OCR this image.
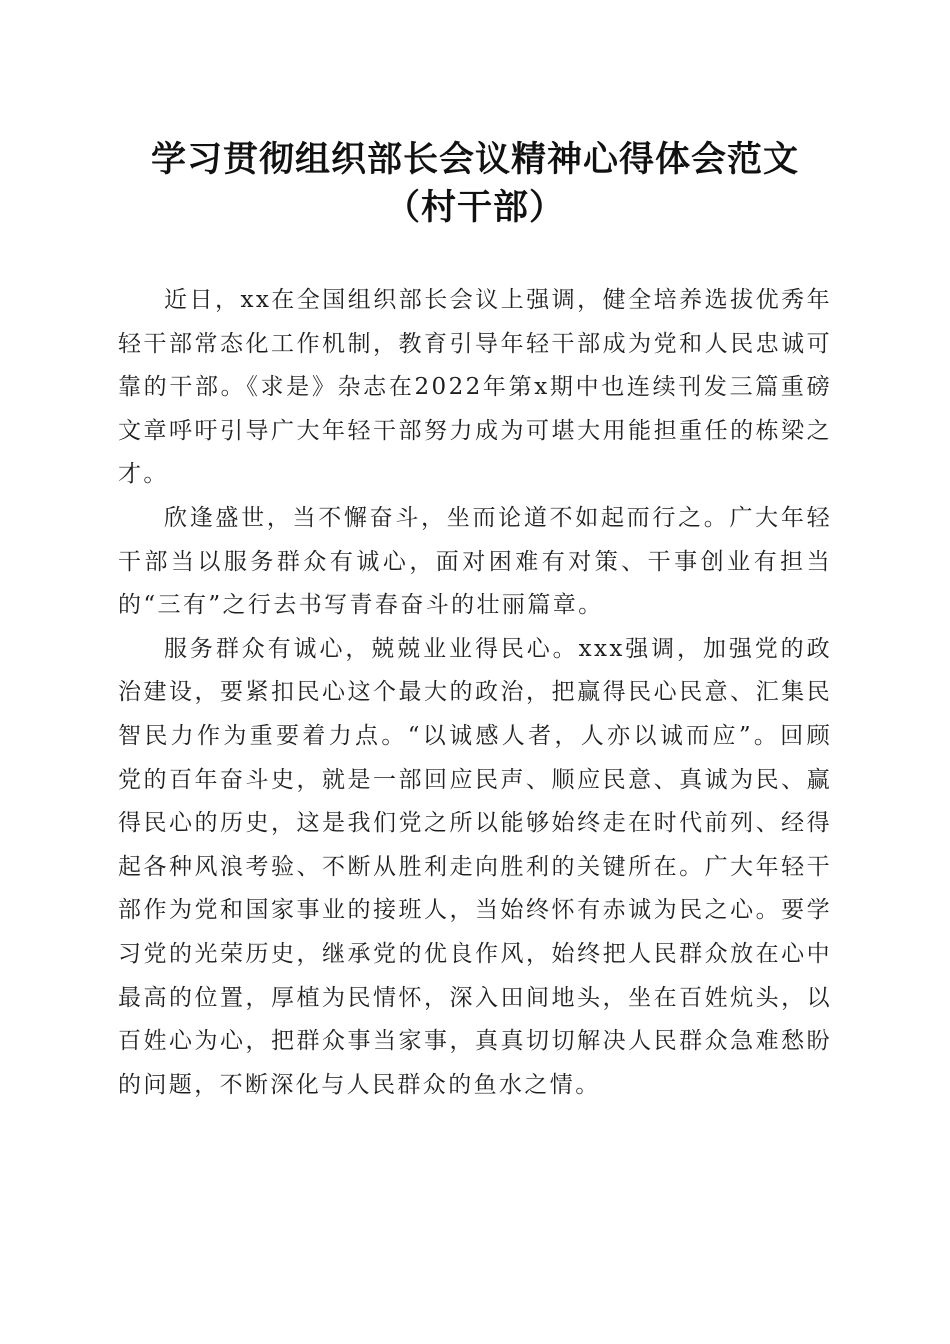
学习贯彻组织部长会议精神心得体会范文（村干部）

近日，xx在全国组织部长会议上强调，健全培养选拔优秀年轻干部常态化工作机制，教育引导年轻干部成为党和人民忠诚可靠的干部。《求是》杂志在2022年第x期中也连续刊发三篇重磅文章呼吁引导广大年轻干部努力成为可堪大用能担重任的栋梁之才。

欣逢盛世，当不懈奋斗，坐而论道不如起而行之。广大年轻干部当以服务群众有诚心，面对困难有对策、干事创业有担当的“三有”之行去书写青春奋斗的壮丽篇章。

服务群众有诚心，兢兢业业得民心。xxx强调，加强党的政治建设，要紧扣民心这个最大的政治，把赢得民心民意、汇集民智民力作为重要着力点。“以诚感人者，人亦以诚而应”。回顾党的百年奋斗史，就是一部回应民声、顺应民意、真诚为民、赢得民心的历史，这是我们党之所以能够始终走在时代前列、经得起各种风浪考验、不断从胜利走向胜利的关键所在。广大年轻干部作为党和国家事业的接班人，当始终怀有赤诚为民之心。要学习党的光荣历史，继承党的优良作风，始终把人民群众放在心中最高的位置，厚植为民情怀，深入田间地头，坐在百姓炕头，以百姓心为心，把群众事当家事，真真切切解决人民群众急难愁盼的问题，不断深化与人民群众的鱼水之情。
